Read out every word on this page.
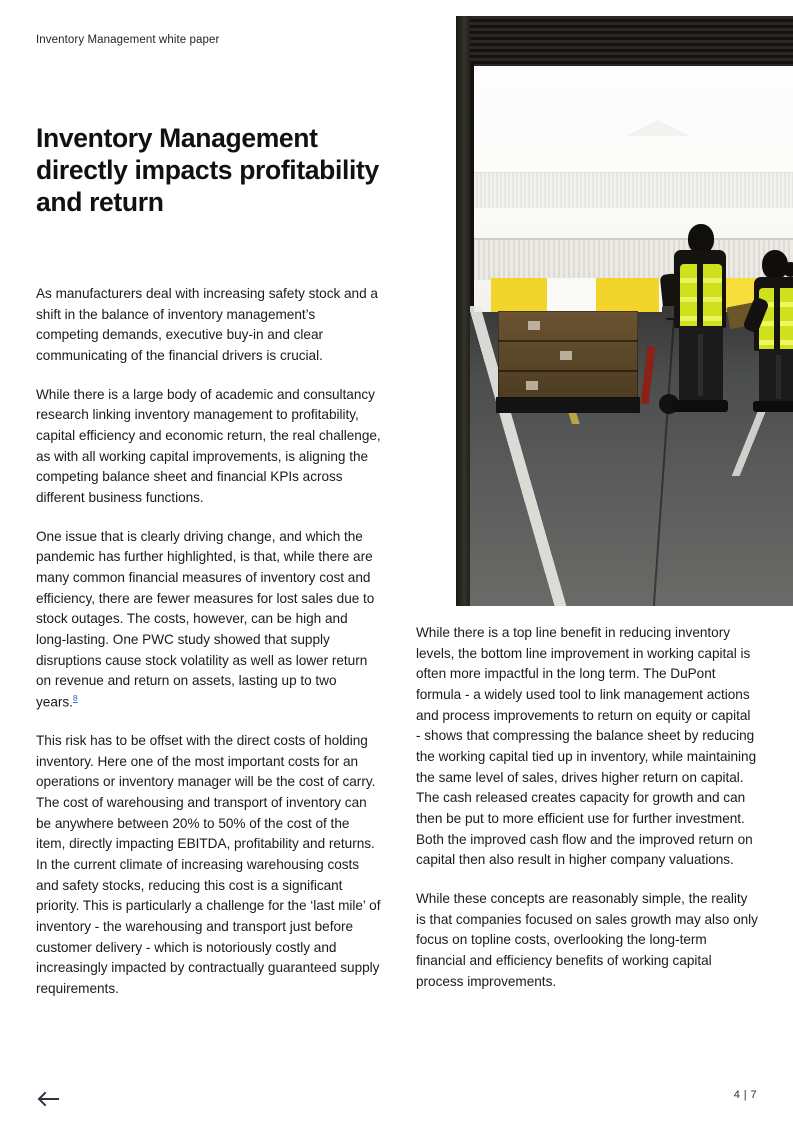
Inventory Management white paper
Inventory Management directly impacts profitability and return

As manufacturers deal with increasing safety stock and a shift in the balance of inventory management’s competing demands, executive buy-in and clear communicating of the financial drivers is crucial.

While there is a large body of academic and consultancy research linking inventory management to profitability, capital efficiency and economic return, the real challenge, as with all working capital improvements, is aligning the competing balance sheet and financial KPIs across different business functions.

One issue that is clearly driving change, and which the pandemic has further highlighted, is that, while there are many common financial measures of inventory cost and efficiency, there are fewer measures for lost sales due to stock outages. The costs, however, can be high and long-lasting. One PWC study showed that supply disruptions cause stock volatility as well as lower return on revenue and return on assets, lasting up to two years.$^8$

This risk has to be offset with the direct costs of holding inventory. Here one of the most important costs for an operations or inventory manager will be the cost of carry. The cost of warehousing and transport of inventory can be anywhere between 20% to 50% of the cost of the item, directly impacting EBITDA, profitability and returns. In the current climate of increasing warehousing costs and safety stocks, reducing this cost is a significant priority. This is particularly a challenge for the ‘last mile’ of inventory - the warehousing and transport just before customer delivery - which is notoriously costly and increasingly impacted by contractually guaranteed supply requirements.

While there is a top line benefit in reducing inventory levels, the bottom line improvement in working capital is often more impactful in the long term. The DuPont formula - a widely used tool to link management actions and process improvements to return on equity or capital - shows that compressing the balance sheet by reducing the working capital tied up in inventory, while maintaining the same level of sales, drives higher return on capital. The cash released creates capacity for growth and can then be put to more efficient use for further investment. Both the improved cash flow and the improved return on capital then also result in higher company valuations.

While these concepts are reasonably simple, the reality is that companies focused on sales growth may also only focus on topline costs, overlooking the long-term financial and efficiency benefits of working capital process improvements.

4 | 7
